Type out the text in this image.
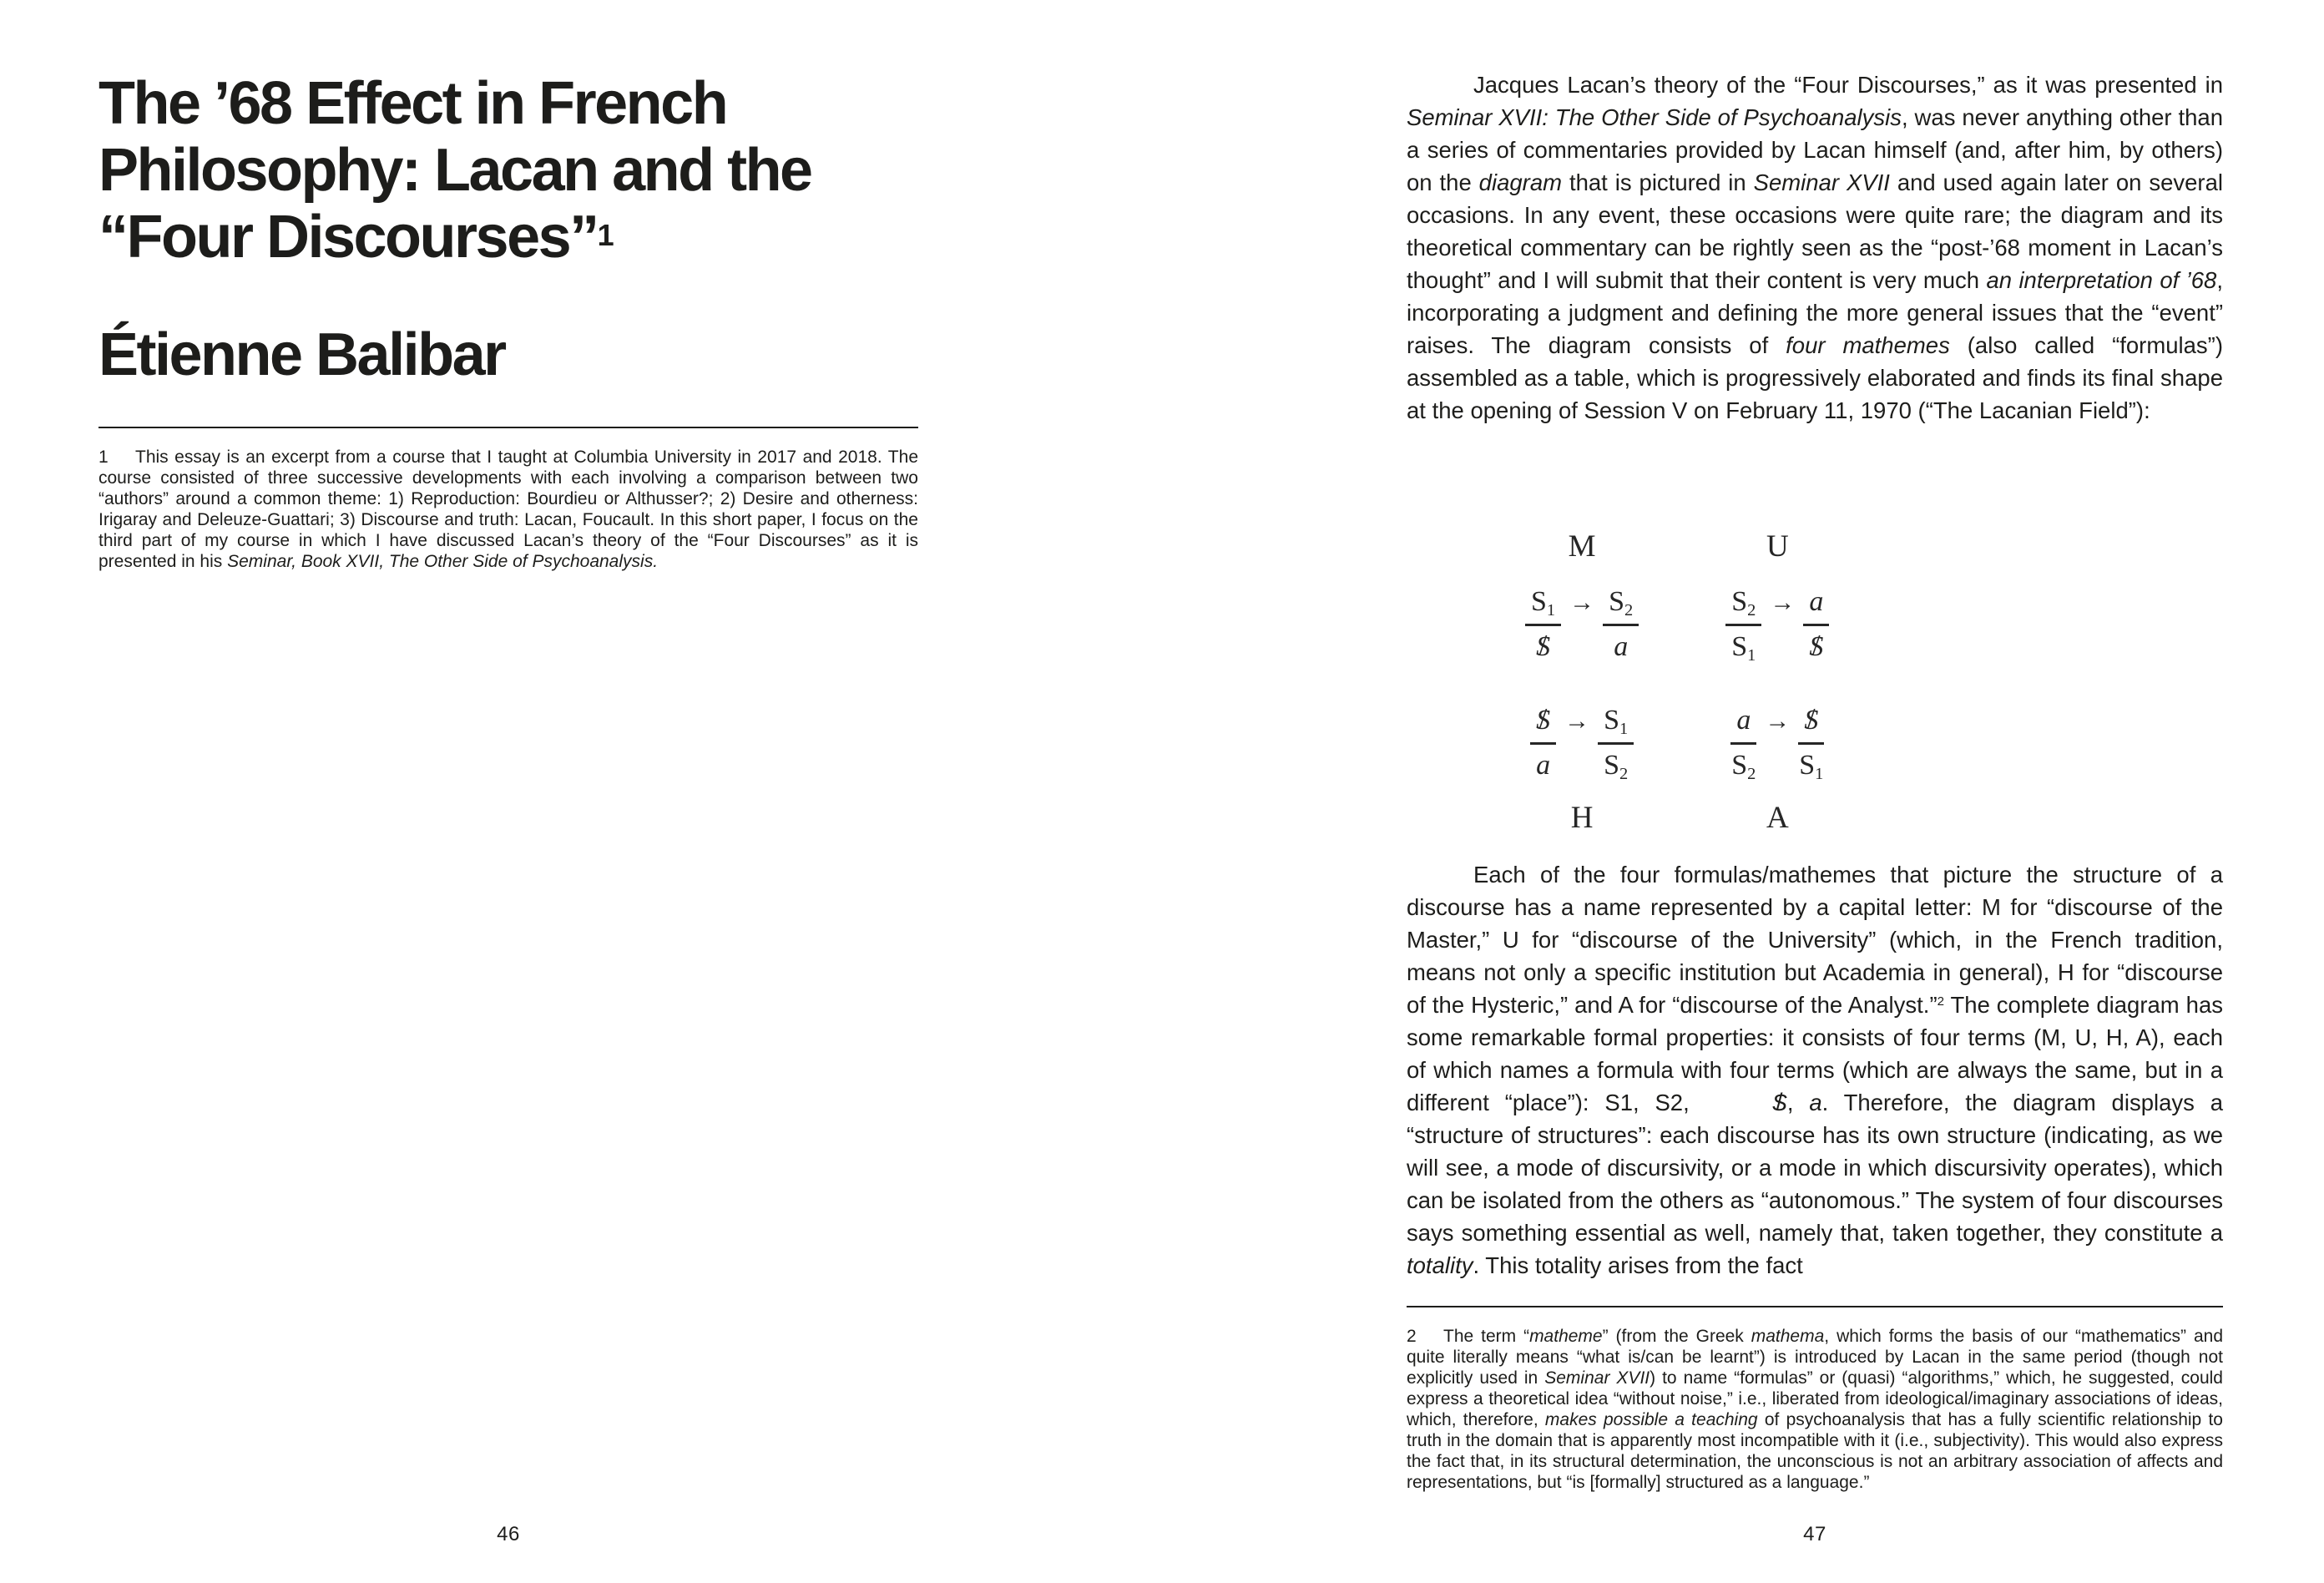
The ’68 Effect in French
Philosophy: Lacan and the
“Four Discourses”$^1$
Étienne Balibar
1 This essay is an excerpt from a course that I taught at Columbia University in 2017 and 2018. The course consisted of three successive developments with each involving a comparison between two “authors” around a common theme: 1) Reproduction: Bourdieu or Althusser?; 2) Desire and otherness: Irigaray and Deleuze-Guattari; 3) Discourse and truth: Lacan, Foucault. In this short paper, I focus on the third part of my course in which I have discussed Lacan’s theory of the “Four Discourses” as it is presented in his Seminar, Book XVII, The Other Side of Psychoanalysis.
46
Jacques Lacan’s theory of the “Four Discourses,” as it was presented in Seminar XVII: The Other Side of Psychoanalysis, was never anything other than a series of commentaries provided by Lacan himself (and, after him, by others) on the diagram that is pictured in Seminar XVII and used again later on several occasions. In any event, these occasions were quite rare; the diagram and its theoretical commentary can be rightly seen as the “post-’68 moment in Lacan’s thought” and I will submit that their content is very much an interpretation of ’68, incorporating a judgment and defining the more general issues that the “event” raises. The diagram consists of four mathemes (also called “formulas”) assembled as a table, which is progressively elaborated and finds its final shape at the opening of Session V on February 11, 1970 (“The Lacanian Field”):
M	U
$\frac{S_1}{S}$ / → $\frac{S_2}{a}$	$\frac{S_2}{S_1} \to \frac{a}{S}$ /
$\frac{S /}{a} \to \frac{S_1}{S_2}$	$\frac{a}{S_2} \to \frac{S /}{S_1}$
H	A
Each of the four formulas/mathemes that picture the structure of a discourse has a name represented by a capital letter: M for “discourse of the Master,” U for “discourse of the University” (which, in the French tradition, means not only a specific institution but Academia in general), H for “discourse of the Hysteric,” and A for “discourse of the Analyst.”$^2$ The complete diagram has some remarkable formal properties: it consists of four terms (M, U, H, A), each of which names a formula with four terms (which are always the same, but in a different “place”): S1, S2,	S /, a. Therefore, the diagram displays a “structure of structures”: each discourse has its own structure (indicating, as we will see, a mode of discursivity, or a mode in which discursivity operates), which can be isolated from the others as “autonomous.” The system of four discourses says something essential as well, namely that, taken together, they constitute a totality. This totality arises from the fact
2 The term “matheme” (from the Greek mathema, which forms the basis of our “mathematics” and quite literally means “what is/can be learnt”) is introduced by Lacan in the same period (though not explicitly used in Seminar XVII) to name “formulas” or (quasi) “algorithms,” which, he suggested, could express a theoretical idea “without noise,” i.e., liberated from ideological/imaginary associations of ideas, which, therefore, makes possible a teaching of psychoanalysis that has a fully scientific relationship to truth in the domain that is apparently most incompatible with it (i.e., subjectivity). This would also express the fact that, in its structural determination, the unconscious is not an arbitrary association of affects and representations, but “is [formally] structured as a language.”
47
